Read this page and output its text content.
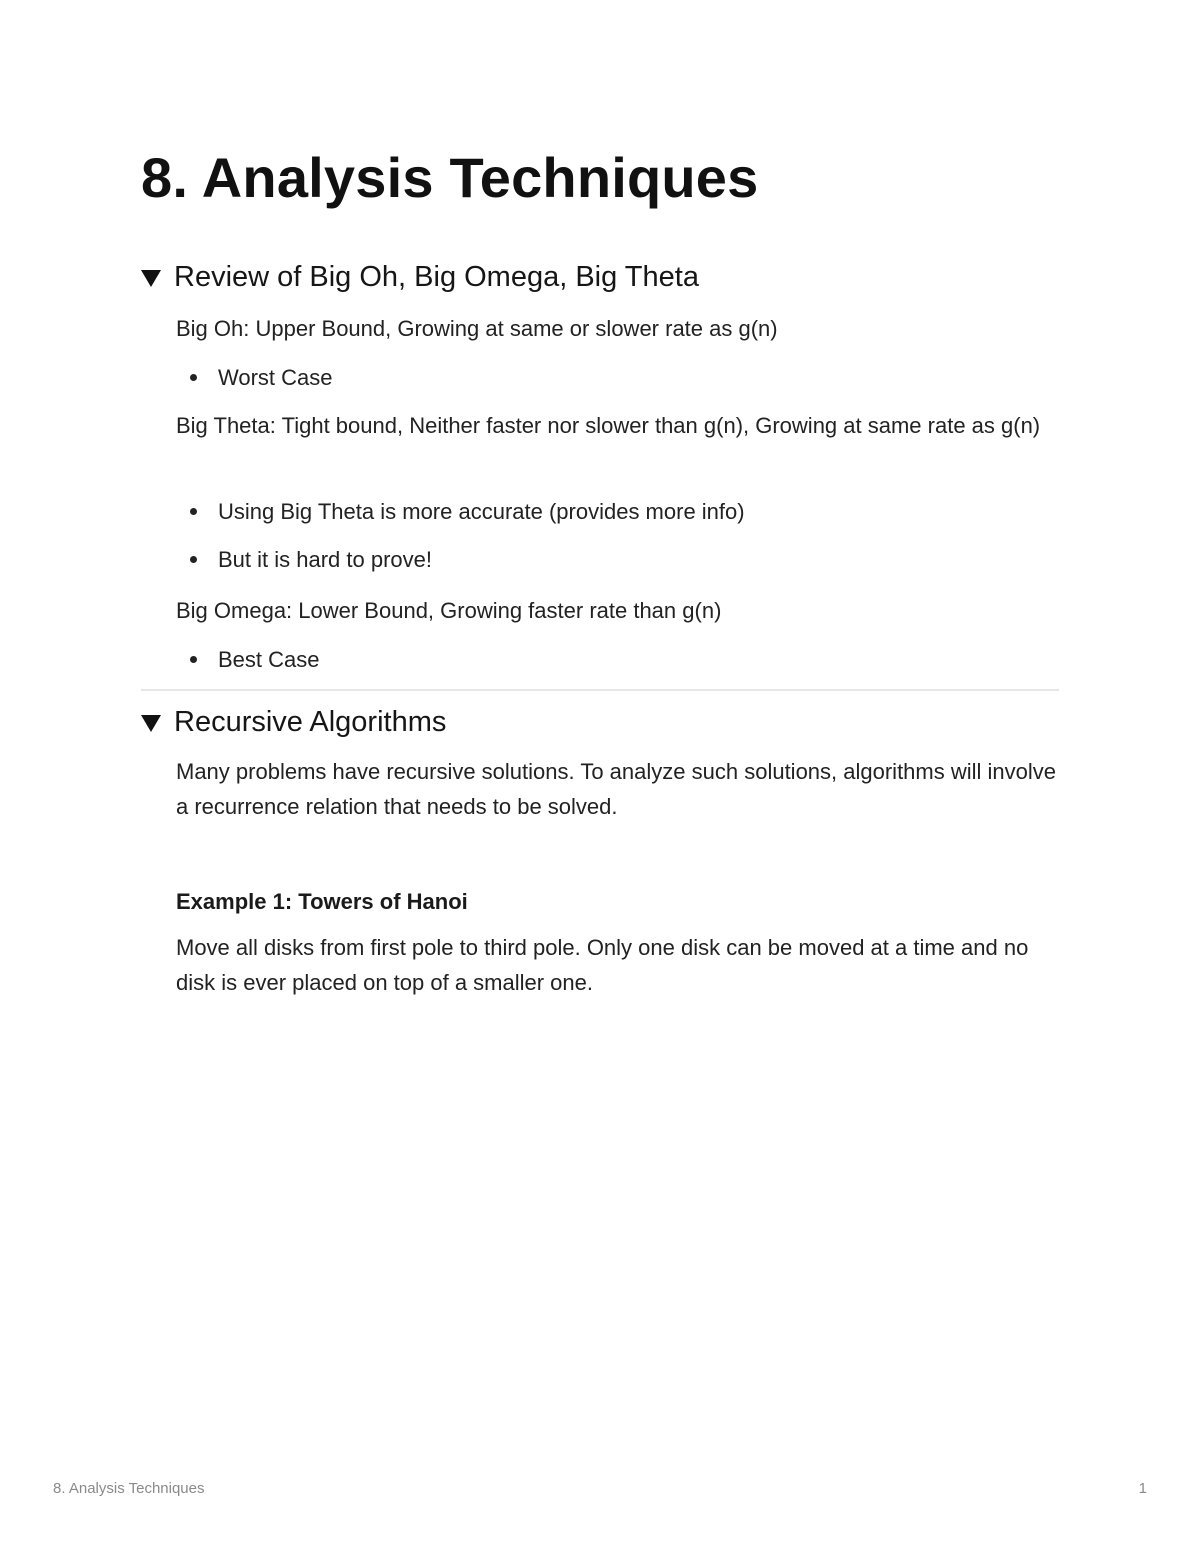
8. Analysis Techniques
Review of Big Oh, Big Omega, Big Theta

Big Oh: Upper Bound, Growing at same or slower rate as g(n)

Worst Case

Big Theta: Tight bound, Neither faster nor slower than g(n), Growing at same rate as g(n)

Using Big Theta is more accurate (provides more info)
But it is hard to prove!

Big Omega: Lower Bound, Growing faster rate than g(n)

Best Case
Recursive Algorithms

Many problems have recursive solutions. To analyze such solutions, algorithms will involve a recurrence relation that needs to be solved.

Example 1: Towers of Hanoi

Move all disks from first pole to third pole. Only one disk can be moved at a time and no disk is ever placed on top of a smaller one.

8. Analysis Techniques	1
